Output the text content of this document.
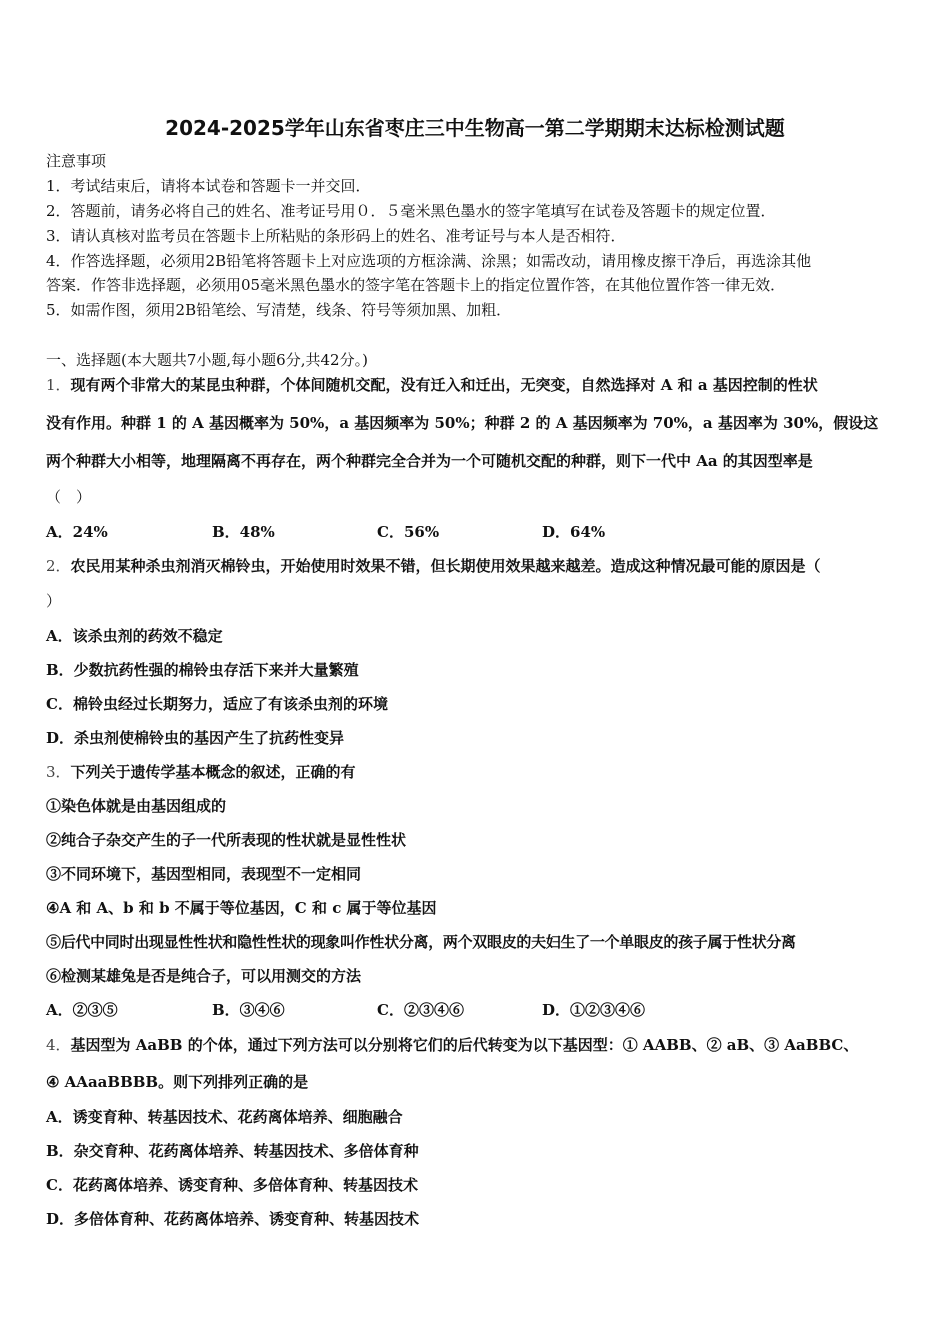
2024-2025学年山东省枣庄三中生物高一第二学期期末达标检测试题
注意事项
1．考试结束后，请将本试卷和答题卡一并交回．
2．答题前，请务必将自己的姓名、准考证号用０．５毫米黑色墨水的签字笔填写在试卷及答题卡的规定位置．
3．请认真核对监考员在答题卡上所粘贴的条形码上的姓名、准考证号与本人是否相符．
4．作答选择题，必须用2B铅笔将答题卡上对应选项的方框涂满、涂黑；如需改动，请用橡皮擦干净后，再选涂其他
答案．作答非选择题，必须用05毫米黑色墨水的签字笔在答题卡上的指定位置作答，在其他位置作答一律无效．
5．如需作图，须用2B铅笔绘、写清楚，线条、符号等须加黑、加粗．
一、选择题(本大题共7小题,每小题6分,共42分。)
1．现有两个非常大的某昆虫种群，个体间随机交配，没有迁入和迁出，无突变，自然选择对 A 和 a 基因控制的性状
没有作用。种群 1 的 A 基因概率为 50%，a 基因频率为 50%；种群 2 的 A 基因频率为 70%，a 基因率为 30%，假设这
两个种群大小相等，地理隔离不再存在，两个种群完全合并为一个可随机交配的种群，则下一代中 Aa 的其因型率是
（　）
A．24%	B．48%	C．56%	D．64%
2．农民用某种杀虫剂消灭棉铃虫，开始使用时效果不错，但长期使用效果越来越差。造成这种情况最可能的原因是（
）
A．该杀虫剂的药效不稳定
B．少数抗药性强的棉铃虫存活下来并大量繁殖
C．棉铃虫经过长期努力，适应了有该杀虫剂的环境
D．杀虫剂使棉铃虫的基因产生了抗药性变异
3．下列关于遗传学基本概念的叙述，正确的有
①染色体就是由基因组成的
②纯合子杂交产生的子一代所表现的性状就是显性性状
③不同环境下，基因型相同，表现型不一定相同
④A 和 A、b 和 b 不属于等位基因，C 和 c 属于等位基因
⑤后代中同时出现显性性状和隐性性状的现象叫作性状分离，两个双眼皮的夫妇生了一个单眼皮的孩子属于性状分离
⑥检测某雄兔是否是纯合子，可以用测交的方法
A．②③⑤	B．③④⑥	C．②③④⑥	D．①②③④⑥
4．基因型为 AaBB 的个体，通过下列方法可以分别将它们的后代转变为以下基因型：① AABB、② aB、③ AaBBC、
④ AAaaBBBB。则下列排列正确的是
A．诱变育种、转基因技术、花药离体培养、细胞融合
B．杂交育种、花药离体培养、转基因技术、多倍体育种
C．花药离体培养、诱变育种、多倍体育种、转基因技术
D．多倍体育种、花药离体培养、诱变育种、转基因技术
